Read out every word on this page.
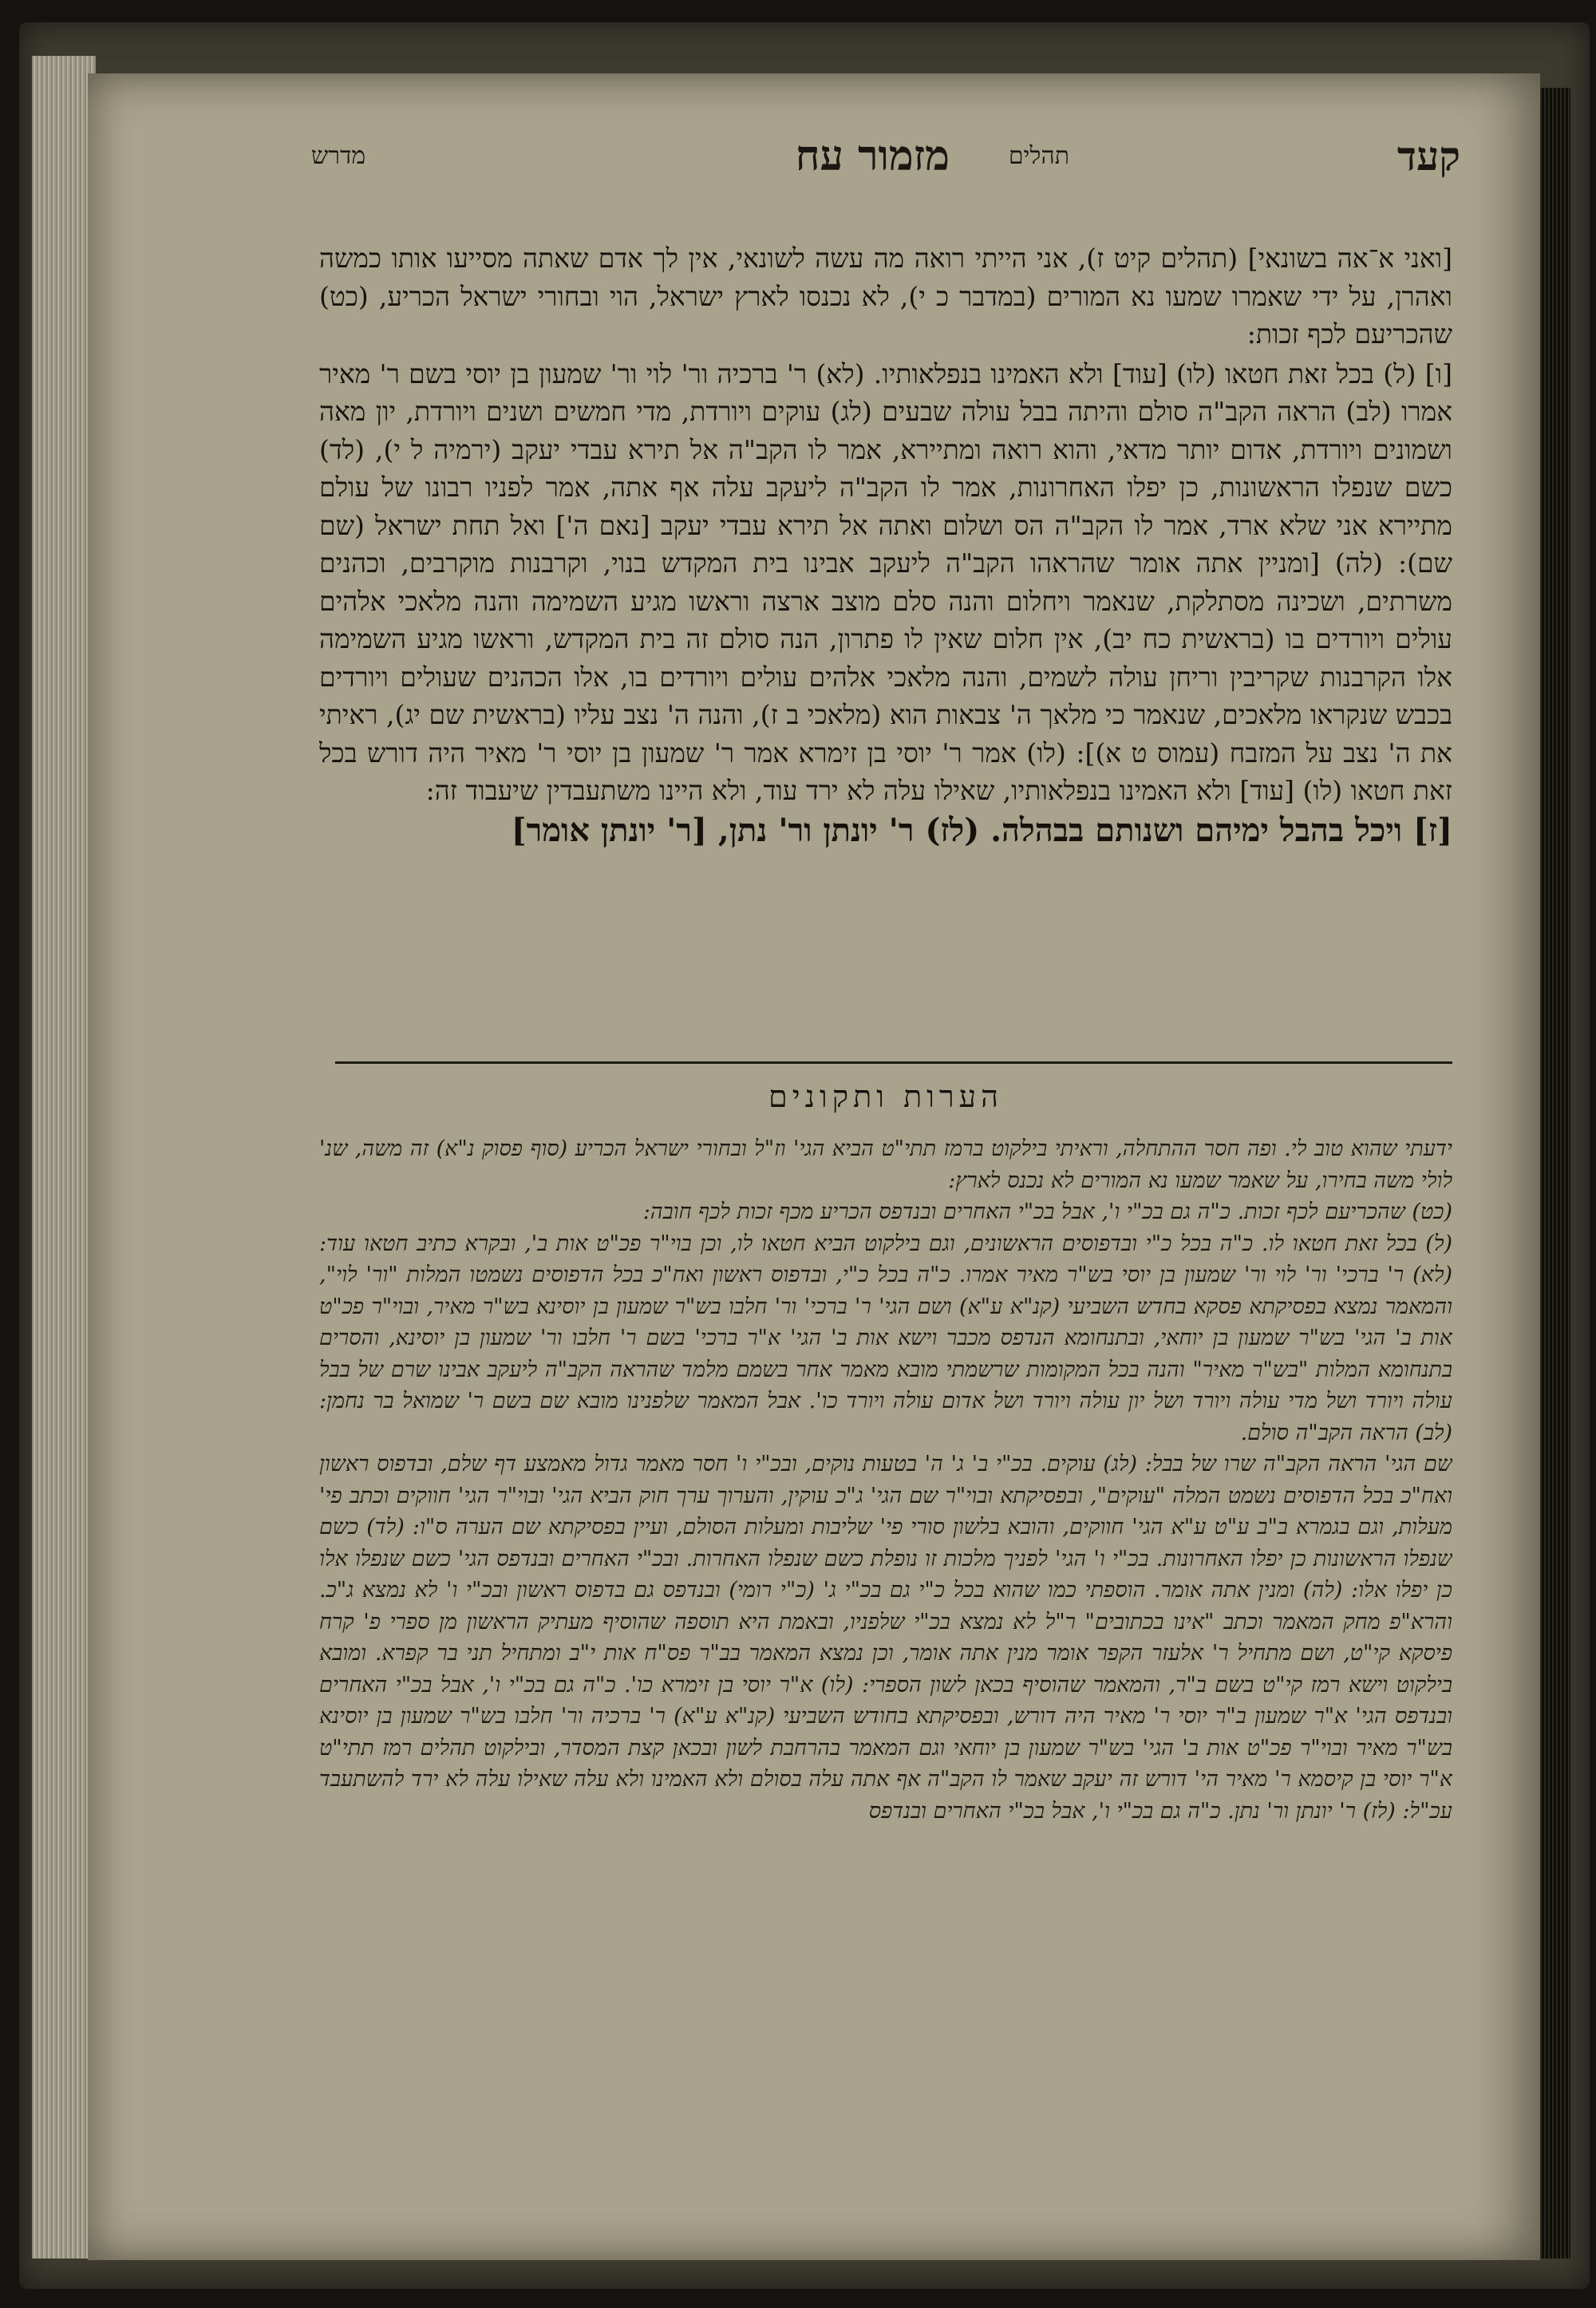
קעד
מזמור עח תהלים
מדרש

[ואני א־אה בשונאי] (תהלים קיט ז), אני הייתי רואה מה עשה לשונאי, אין לך אדם שאתה מסייעו אותו כמשה ואהרן, על ידי שאמרו שמעו נא המורים (במדבר כ י), לא נכנסו לארץ ישראל, הוי ובחורי ישראל הכריע, (כט) שהכריעם לכף זכות:

[ו] (ל) בכל זאת חטאו (לו) [עוד] ולא האמינו בנפלאותיו. (לא) ר' ברכיה ור' לוי ור' שמעון בן יוסי בשם ר' מאיר אמרו (לב) הראה הקב"ה סולם והיתה בבל עולה שבעים (לג) עוקים ויורדת, מדי חמשים ושנים ויורדת, יון מאה ושמונים ויורדת, אדום יותר מדאי, והוא רואה ומתיירא, אמר לו הקב"ה אל תירא עבדי יעקב (ירמיה ל י), (לד) כשם שנפלו הראשונות, כן יפלו האחרונות, אמר לו הקב"ה ליעקב עלה אף אתה, אמר לפניו רבונו של עולם מתיירא אני שלא ארד, אמר לו הקב"ה הס ושלום ואתה אל תירא עבדי יעקב [נאם ה'] ואל תחת ישראל (שם שם): (לה) [ומניין אתה אומר שהראהו הקב"ה ליעקב אבינו בית המקדש בנוי, וקרבנות מוקרבים, וכהנים משרתים, ושכינה מסתלקת, שנאמר ויחלום והנה סלם מוצב ארצה וראשו מגיע השמימה והנה מלאכי אלהים עולים ויורדים בו (בראשית כח יב), אין חלום שאין לו פתרון, הנה סולם זה בית המקדש, וראשו מגיע השמימה אלו הקרבנות שקריבין וריחן עולה לשמים, והנה מלאכי אלהים עולים ויורדים בו, אלו הכהנים שעולים ויורדים בכבש שנקראו מלאכים, שנאמר כי מלאך ה' צבאות הוא (מלאכי ב ז), והנה ה' נצב עליו (בראשית שם יג), ראיתי את ה' נצב על המזבח (עמוס ט א)]: (לו) אמר ר' יוסי בן זימרא אמר ר' שמעון בן יוסי ר' מאיר היה דורש בכל זאת חטאו (לו) [עוד] ולא האמינו בנפלאותיו, שאילו עלה לא ירד עוד, ולא היינו משתעבדין שיעבוד זה:

[ז] ויכל בהבל ימיהם ושנותם בבהלה. (לז) ר' יונתן ור' נתן, [ר' יונתן אומר]

הערות ותקונים

ידעתי שהוא טוב לי. ופה חסר ההתחלה, וראיתי בילקוט ברמז תתי"ט הביא הגי' וז"ל ובחורי ישראל הכריע (סוף פסוק נ"א) זה משה, שנ' לולי משה בחירו, על שאמר שמעו נא המורים לא נכנס לארץ:

(כט) שהכריעם לכף זכות. כ"ה גם בכ"י ו', אבל בכ"י האחרים ובנדפס הכריע מכף זכות לכף חובה:

(ל) בכל זאת חטאו לו. כ"ה בכל כ"י ובדפוסים הראשונים, וגם בילקוט הביא חטאו לו, וכן בוי"ר פכ"ט אות ב', ובקרא כתיב חטאו עוד: (לא) ר' ברכי' ור' לוי ור' שמעון בן יוסי בש"ר מאיר אמרו. כ"ה בכל כ"י, ובדפוס ראשון ואח"כ בכל הדפוסים נשמטו המלות "ור' לוי", והמאמר נמצא בפסיקתא פסקא בחדש השביעי (קנ"א ע"א) ושם הגי' ר' ברכי' ור' חלבו בש"ר שמעון בן יוסינא בש"ר מאיר, ובוי"ר פכ"ט אות ב' הגי' בש"ר שמעון בן יוחאי, ובתנחומא הנדפס מכבר וישא אות ב' הגי' א"ר ברכי' בשם ר' חלבו ור' שמעון בן יוסינא, והסרים בתנחומא המלות "בש"ר מאיר" והנה בכל המקומות שרשמתי מובא מאמר אחר בשמם מלמד שהראה הקב"ה ליעקב אבינו שרם של בבל עולה ויורד ושל מדי עולה ויורד ושל יון עולה ויורד ושל אדום עולה ויורד כו'. אבל המאמר שלפנינו מובא שם בשם ר' שמואל בר נחמן: (לב) הראה הקב"ה סולם.

שם הגי' הראה הקב"ה שרו של בבל: (לג) עוקים. בכ"י ב' ג' ה' בטעות נוקים, ובכ"י ו' חסר מאמר גדול מאמצע דף שלם, ובדפוס ראשון ואח"כ בכל הדפוסים נשמט המלה "עוקים", ובפסיקתא ובוי"ר שם הגי' ג"כ עוקין, והערוך ערך חוק הביא הגי' ובוי"ר הגי' חווקים וכתב פי' מעלות, וגם בגמרא ב"ב ע"ט ע"א הגי' חווקים, והובא בלשון סורי פי' שליבות ומעלות הסולם, ועיין בפסיקתא שם הערה ס"ו: (לד) כשם שנפלו הראשונות כן יפלו האחרונות. בכ"י ו' הגי' לפניך מלכות זו נופלת כשם שנפלו האחרות. ובכ"י האחרים ובנדפס הגי' כשם שנפלו אלו כן יפלו אלו: (לה) ומנין אתה אומר. הוספתי כמו שהוא בכל כ"י גם בכ"י ג' (כ"י רומי) ובנדפס גם בדפוס ראשון ובכ"י ו' לא נמצא ג"כ. והרא"פ מחק המאמר וכתב "אינו בכתובים" ר"ל לא נמצא בכ"י שלפניו, ובאמת היא תוספה שהוסיף מעתיק הראשון מן ספרי פ' קרח פיסקא קי"ט, ושם מתחיל ר' אלעזר הקפר אומר מנין אתה אומר, וכן נמצא המאמר בב"ר פס"ח אות י"ב ומתחיל תני בר קפרא. ומובא בילקוט וישא רמז קי"ט בשם ב"ר, והמאמר שהוסיף בכאן לשון הספרי: (לו) א"ר יוסי בן זימרא כו'. כ"ה גם בכ"י ו', אבל בכ"י האחרים ובנדפס הגי' א"ר שמעון ב"ר יוסי ר' מאיר היה דורש, ובפסיקתא בחודש השביעי (קנ"א ע"א) ר' ברכיה ור' חלבו בש"ר שמעון בן יוסינא בש"ר מאיר ובוי"ר פכ"ט אות ב' הגי' בש"ר שמעון בן יוחאי וגם המאמר בהרחבת לשון ובכאן קצת המסדר, ובילקוט תהלים רמז תתי"ט א"ר יוסי בן קיסמא ר' מאיר הי' דורש זה יעקב שאמר לו הקב"ה אף אתה עלה בסולם ולא האמינו ולא עלה שאילו עלה לא ירד להשתעבד עכ"ל: (לז) ר' יונתן ור' נתן. כ"ה גם בכ"י ו', אבל בכ"י האחרים ובנדפס
